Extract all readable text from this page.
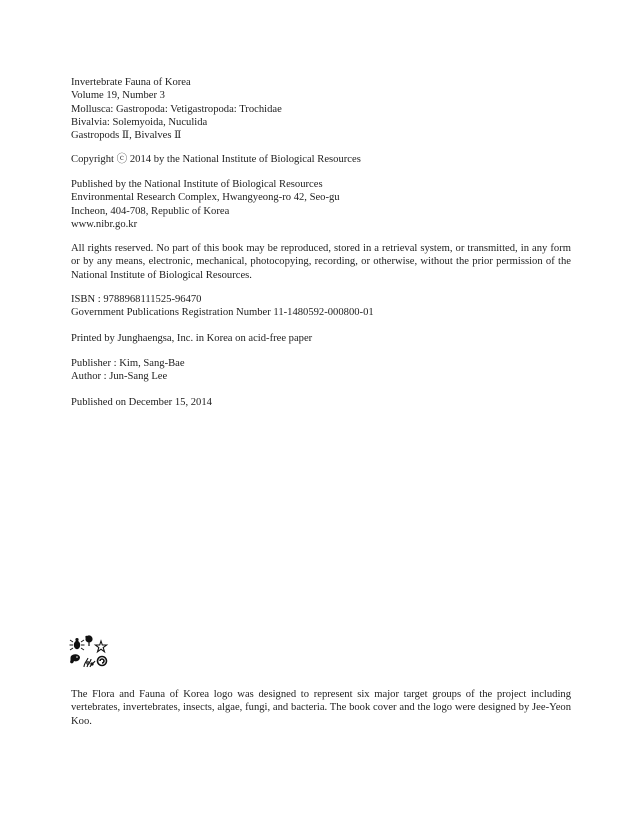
Invertebrate Fauna of Korea
Volume 19, Number 3
Mollusca: Gastropoda: Vetigastropoda: Trochidae
Bivalvia: Solemyoida, Nuculida
Gastropods Ⅱ, Bivalves Ⅱ
Copyright ⓒ 2014 by the National Institute of Biological Resources
Published by the National Institute of Biological Resources
Environmental Research Complex, Hwangyeong-ro 42, Seo-gu
Incheon, 404-708, Republic of Korea
www.nibr.go.kr
All rights reserved. No part of this book may be reproduced, stored in a retrieval system, or transmitted, in any form or by any means, electronic, mechanical, photocopying, recording, or otherwise, without the prior permission of the National Institute of Biological Resources.
ISBN : 9788968111525-96470
Government Publications Registration Number 11-1480592-000800-01
Printed by Junghaengsa, Inc. in Korea on acid-free paper
Publisher : Kim, Sang-Bae
Author : Jun-Sang Lee
Published on December 15, 2014
The Flora and Fauna of Korea logo was designed to represent six major target groups of the project including vertebrates, invertebrates, insects, algae, fungi, and bacteria. The book cover and the logo were designed by Jee-Yeon Koo.
